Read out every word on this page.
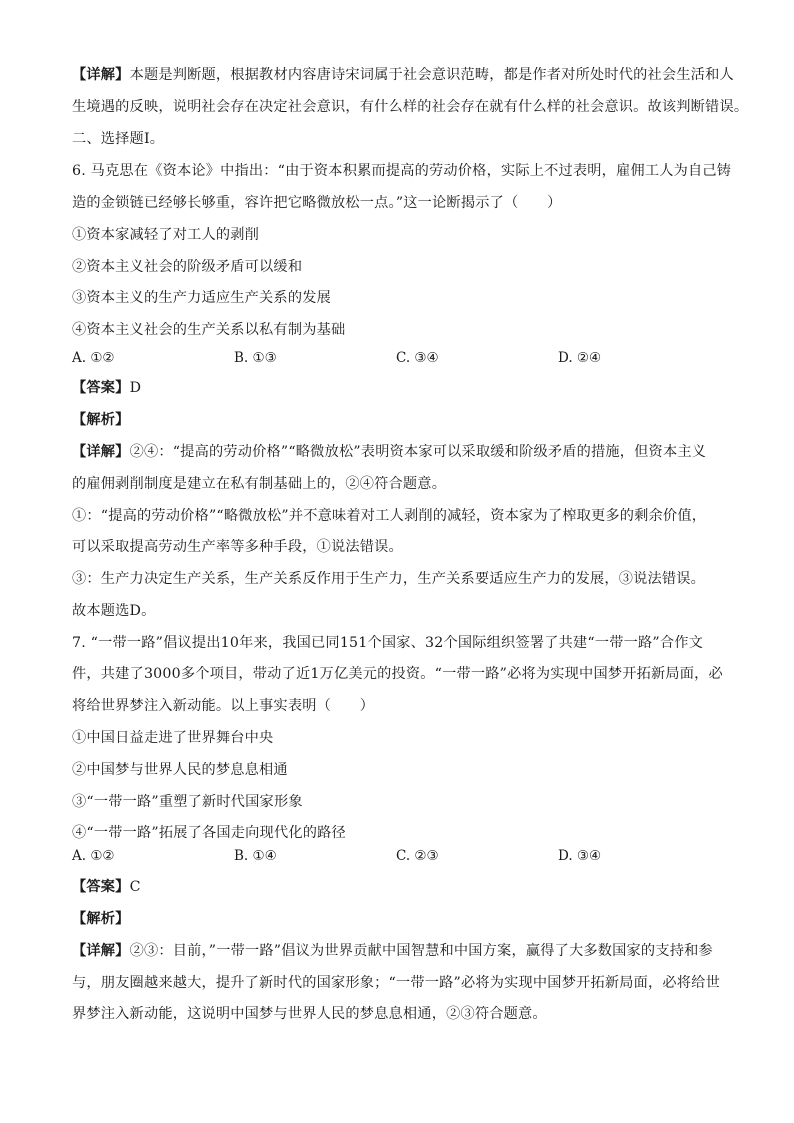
【详解】本题是判断题，根据教材内容唐诗宋词属于社会意识范畴，都是作者对所处时代的社会生活和人
生境遇的反映，说明社会存在决定社会意识，有什么样的社会存在就有什么样的社会意识。故该判断错误。
二、选择题Ⅰ。
6. 马克思在《资本论》中指出：“由于资本积累而提高的劳动价格，实际上不过表明，雇佣工人为自己铸
造的金锁链已经够长够重，容许把它略微放松一点。”这一论断揭示了（　　）
①资本家减轻了对工人的剥削
②资本主义社会的阶级矛盾可以缓和
③资本主义的生产力适应生产关系的发展
④资本主义社会的生产关系以私有制为基础
A. ①②	B. ①③	C. ③④	D. ②④
【答案】D
【解析】
【详解】②④：“提高的劳动价格”“略微放松”表明资本家可以采取缓和阶级矛盾的措施，但资本主义
的雇佣剥削制度是建立在私有制基础上的，②④符合题意。
①：“提高的劳动价格”“略微放松”并不意味着对工人剥削的减轻，资本家为了榨取更多的剩余价值，
可以采取提高劳动生产率等多种手段，①说法错误。
③：生产力决定生产关系，生产关系反作用于生产力，生产关系要适应生产力的发展，③说法错误。
故本题选D。
7. “一带一路”倡议提出10年来，我国已同151个国家、32个国际组织签署了共建“一带一路”合作文
件，共建了3000多个项目，带动了近1万亿美元的投资。“一带一路”必将为实现中国梦开拓新局面，必
将给世界梦注入新动能。以上事实表明（　　）
①中国日益走进了世界舞台中央
②中国梦与世界人民的梦息息相通
③“一带一路”重塑了新时代国家形象
④“一带一路”拓展了各国走向现代化的路径
A. ①②	B. ①④	C. ②③	D. ③④
【答案】C
【解析】
【详解】②③：目前，”一带一路”倡议为世界贡献中国智慧和中国方案，赢得了大多数国家的支持和参
与，朋友圈越来越大，提升了新时代的国家形象；“一带一路”必将为实现中国梦开拓新局面，必将给世
界梦注入新动能，这说明中国梦与世界人民的梦息息相通，②③符合题意。
